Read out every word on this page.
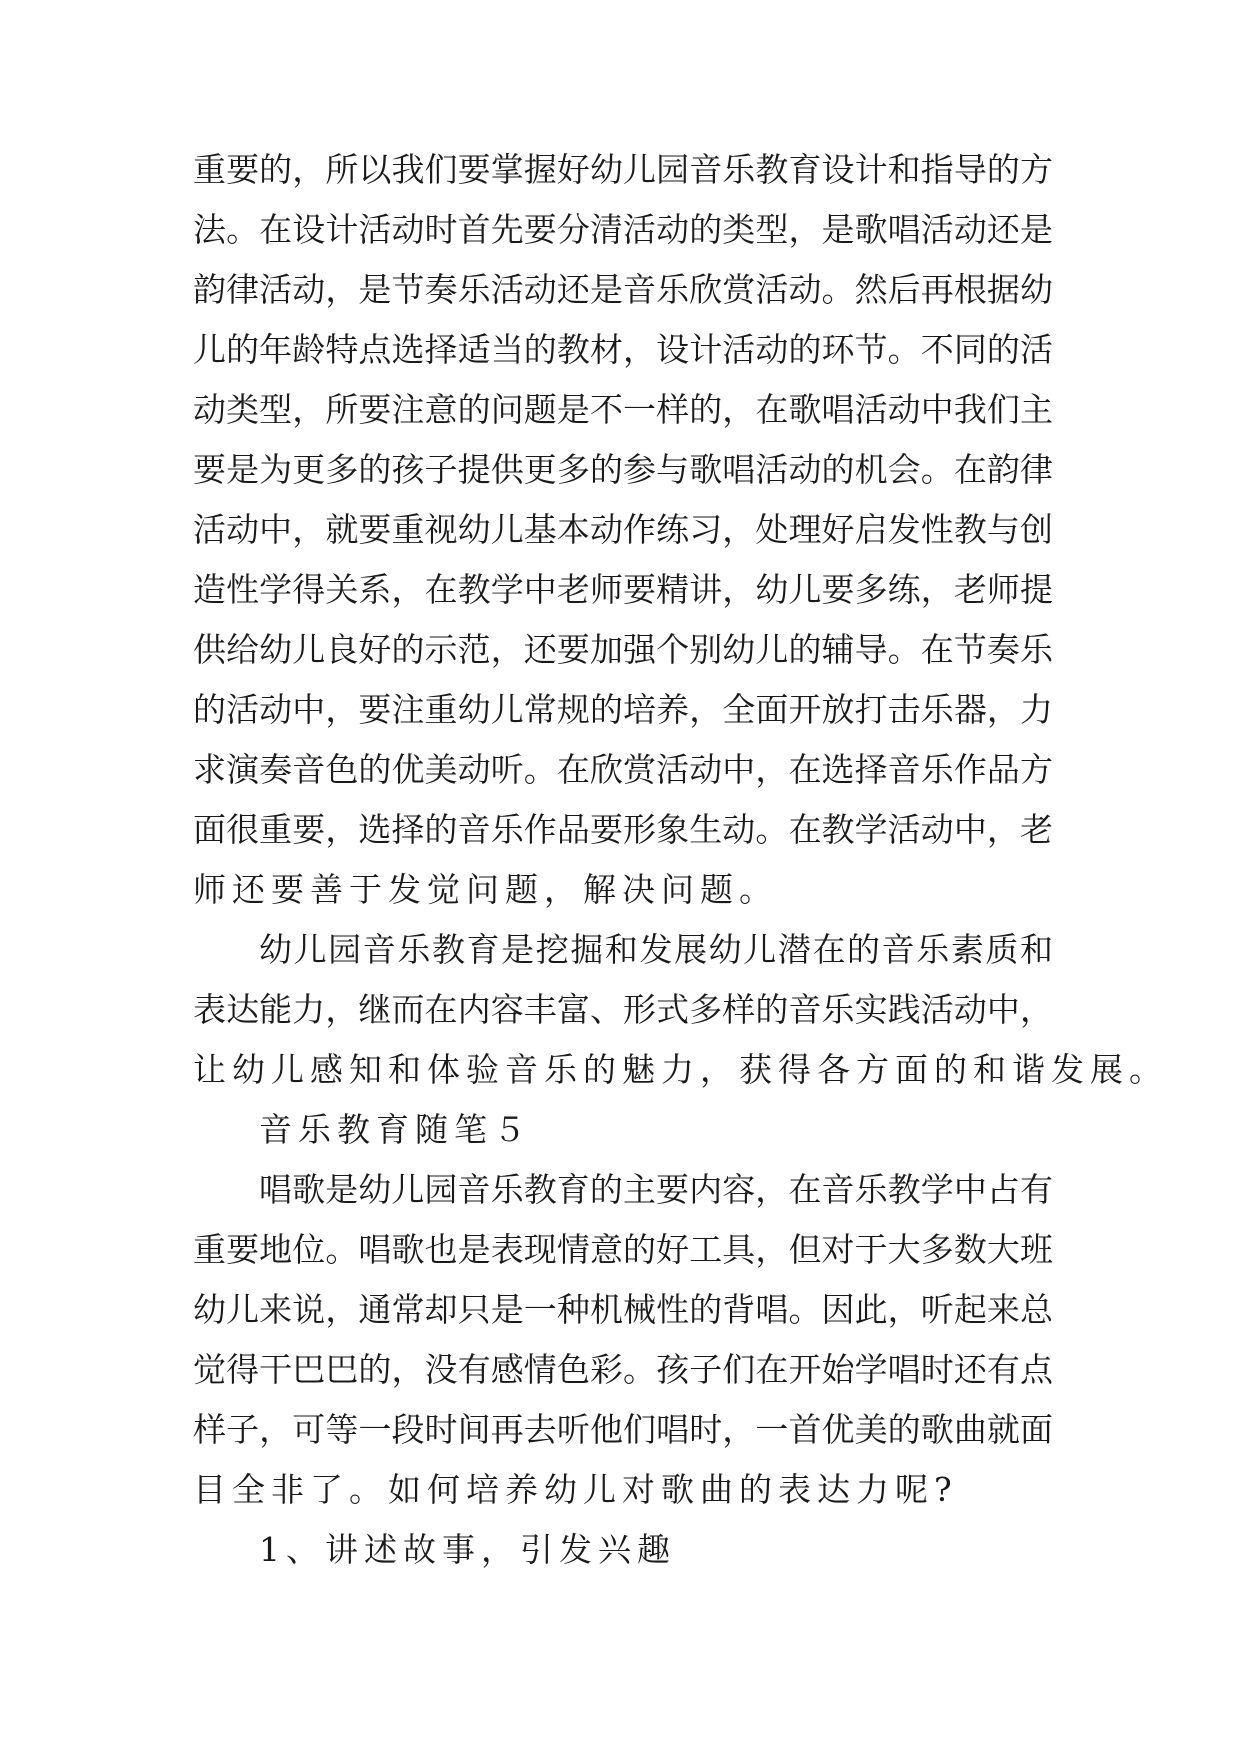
重要的，所以我们要掌握好幼儿园音乐教育设计和指导的方
法。在设计活动时首先要分清活动的类型，是歌唱活动还是
韵律活动，是节奏乐活动还是音乐欣赏活动。然后再根据幼
儿的年龄特点选择适当的教材，设计活动的环节。不同的活
动类型，所要注意的问题是不一样的，在歌唱活动中我们主
要是为更多的孩子提供更多的参与歌唱活动的机会。在韵律
活动中，就要重视幼儿基本动作练习，处理好启发性教与创
造性学得关系，在教学中老师要精讲，幼儿要多练，老师提
供给幼儿良好的示范，还要加强个别幼儿的辅导。在节奏乐
的活动中，要注重幼儿常规的培养，全面开放打击乐器，力
求演奏音色的优美动听。在欣赏活动中，在选择音乐作品方
面很重要，选择的音乐作品要形象生动。在教学活动中，老
师还要善于发觉问题，解决问题。
幼儿园音乐教育是挖掘和发展幼儿潜在的音乐素质和
表达能力，继而在内容丰富、形式多样的音乐实践活动中，
让幼儿感知和体验音乐的魅力，获得各方面的和谐发展。
音乐教育随笔５
唱歌是幼儿园音乐教育的主要内容，在音乐教学中占有
重要地位。唱歌也是表现情意的好工具，但对于大多数大班
幼儿来说，通常却只是一种机械性的背唱。因此，听起来总
觉得干巴巴的，没有感情色彩。孩子们在开始学唱时还有点
样子，可等一段时间再去听他们唱时，一首优美的歌曲就面
目全非了。如何培养幼儿对歌曲的表达力呢?
1、讲述故事，引发兴趣
